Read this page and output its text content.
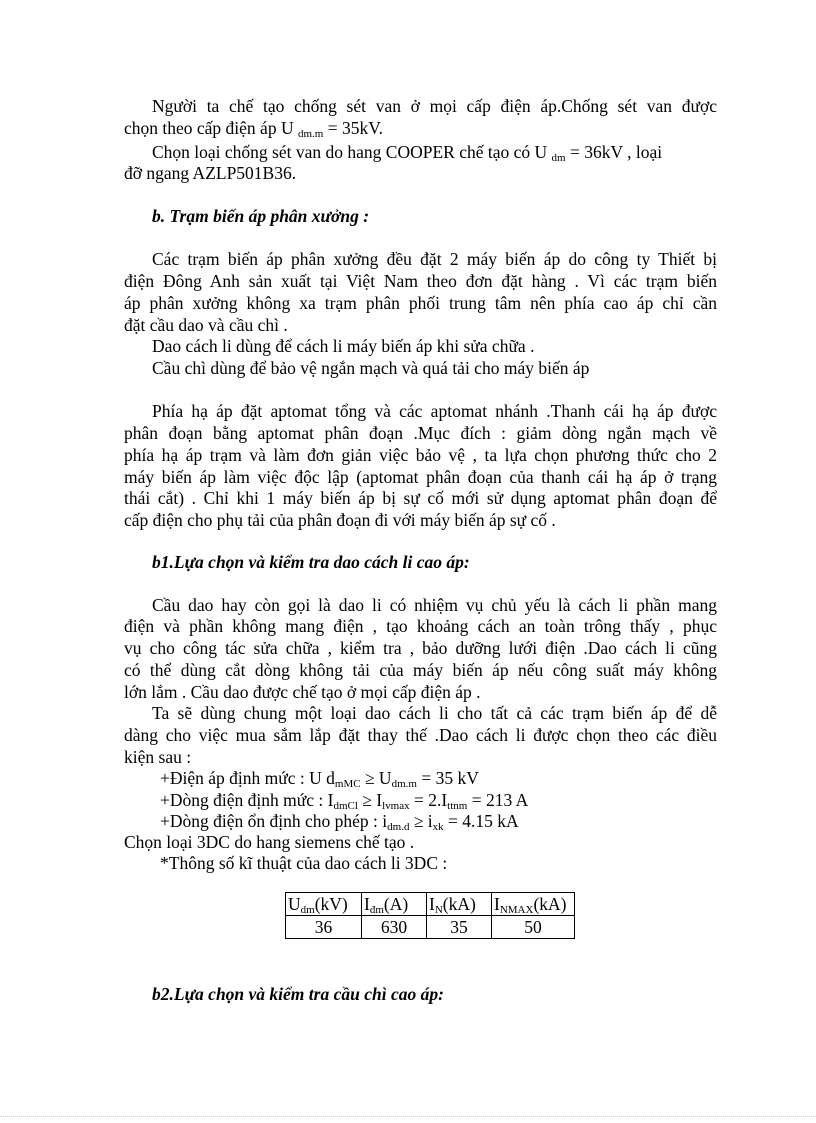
Người ta chế tạo chống sét van ở mọi cấp điện áp.Chống sét van được
chọn theo cấp điện áp U $_{dm.m}$ = 35kV.
Chọn loại chống sét van do hang COOPER chế tạo có U $_{dm}$ = 36kV , loại
đỡ ngang AZLP501B36.
b. Trạm biến áp phân xưởng :
Các trạm biến áp phân xưởng đều đặt 2 máy biến áp do công ty Thiết bị
điện Đông Anh sản xuất tại Việt Nam theo đơn đặt hàng . Vì các trạm biến
áp phân xưởng không xa trạm phân phối trung tâm nên phía cao áp chỉ cần
đặt cầu dao và cầu chì .
Dao cách li dùng để cách li máy biến áp khi sửa chữa .
Cầu chì dùng để bảo vệ ngắn mạch và quá tải cho máy biến áp
Phía hạ áp đặt aptomat tổng và các aptomat nhánh .Thanh cái hạ áp được
phân đoạn bằng aptomat phân đoạn .Mục đích : giảm dòng ngắn mạch về
phía hạ áp trạm và làm đơn giản việc bảo vệ , ta lựa chọn phương thức cho 2
máy biến áp làm việc độc lập (aptomat phân đoạn của thanh cái hạ áp ở trạng
thái cắt) . Chỉ khi 1 máy biến áp bị sự cố mới sử dụng aptomat phân đoạn để
cấp điện cho phụ tải của phân đoạn đi với máy biến áp sự cố .
b1.Lựa chọn và kiểm tra dao cách li cao áp:
Cầu dao hay còn gọi là dao li có nhiệm vụ chủ yếu là cách li phần mang
điện và phần không mang điện , tạo khoảng cách an toàn trông thấy , phục
vụ cho công tác sửa chữa , kiểm tra , bảo dưỡng lưới điện .Dao cách li cũng
có thể dùng cắt dòng không tải của máy biến áp nếu công suất máy không
lớn lắm . Cầu dao được chế tạo ở mọi cấp điện áp .
Ta sẽ dùng chung một loại dao cách li cho tất cả các trạm biến áp để dễ
dàng cho việc mua sắm lắp đặt thay thế .Dao cách li được chọn theo các điều
kiện sau :
+Điện áp định mức : U $d_{mMC} \ge U_{dm.m} = 35$ kV
+Dòng điện định mức : $I_{dmCl} \ge I_{lvmax} = 2.I_{ttnm} = 213$ A
+Dòng điện ổn định cho phép : $i_{dm.d} \ge i_{xk} = 4.15$ kA
Chọn loại 3DC do hang siemens chế tạo .
*Thông số kĩ thuật của dao cách li 3DC :
$U_{dm}(kV)$	$I_{đm}(A)$	$I_N(kA)$	$I_{NMAX}(kA)$
36	630	35	50
b2.Lựa chọn và kiểm tra cầu chì cao áp:
